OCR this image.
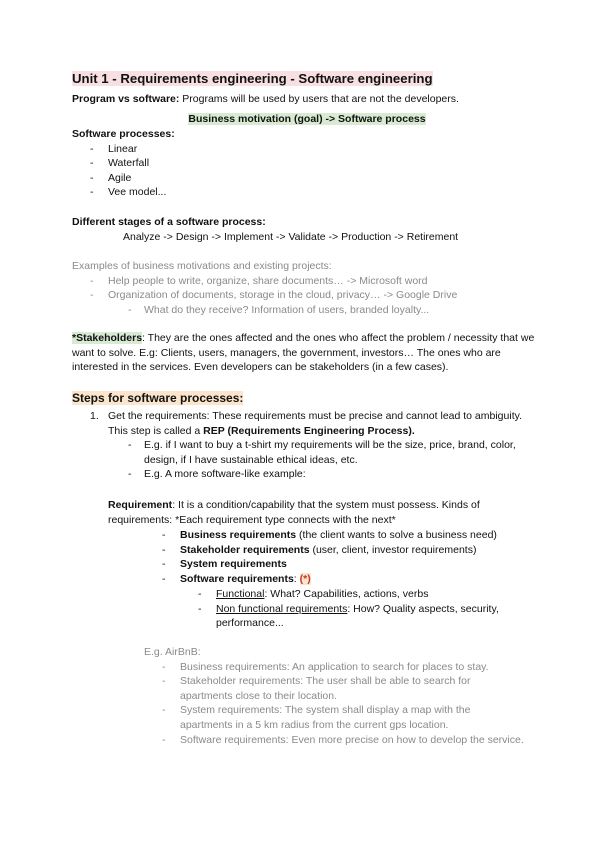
Unit 1 - Requirements engineering - Software engineering
Program vs software: Programs will be used by users that are not the developers.
Business motivation (goal) -> Software process
Software processes:
- Linear
- Waterfall
- Agile
- Vee model...
Different stages of a software process:
Analyze -> Design -> Implement -> Validate -> Production -> Retirement
Examples of business motivations and existing projects:
- Help people to write, organize, share documents… -> Microsoft word
- Organization of documents, storage in the cloud, privacy… -> Google Drive
- What do they receive? Information of users, branded loyalty...
*Stakeholders: They are the ones affected and the ones who affect the problem / necessity that we want to solve. E.g: Clients, users, managers, the government, investors… The ones who are interested in the services. Even developers can be stakeholders (in a few cases).
Steps for software processes:
1. Get the requirements: These requirements must be precise and cannot lead to ambiguity. This step is called a REP (Requirements Engineering Process).
- E.g. if I want to buy a t-shirt my requirements will be the size, price, brand, color, design, if I have sustainable ethical ideas, etc.
- E.g. A more software-like example:
Requirement: It is a condition/capability that the system must possess. Kinds of requirements: *Each requirement type connects with the next*
- Business requirements (the client wants to solve a business need)
- Stakeholder requirements (user, client, investor requirements)
- System requirements
- Software requirements: (*)
- Functional: What? Capabilities, actions, verbs
- Non functional requirements: How? Quality aspects, security, performance...
E.g. AirBnB:
- Business requirements: An application to search for places to stay.
- Stakeholder requirements: The user shall be able to search for apartments close to their location.
- System requirements: The system shall display a map with the apartments in a 5 km radius from the current gps location.
- Software requirements: Even more precise on how to develop the service.
